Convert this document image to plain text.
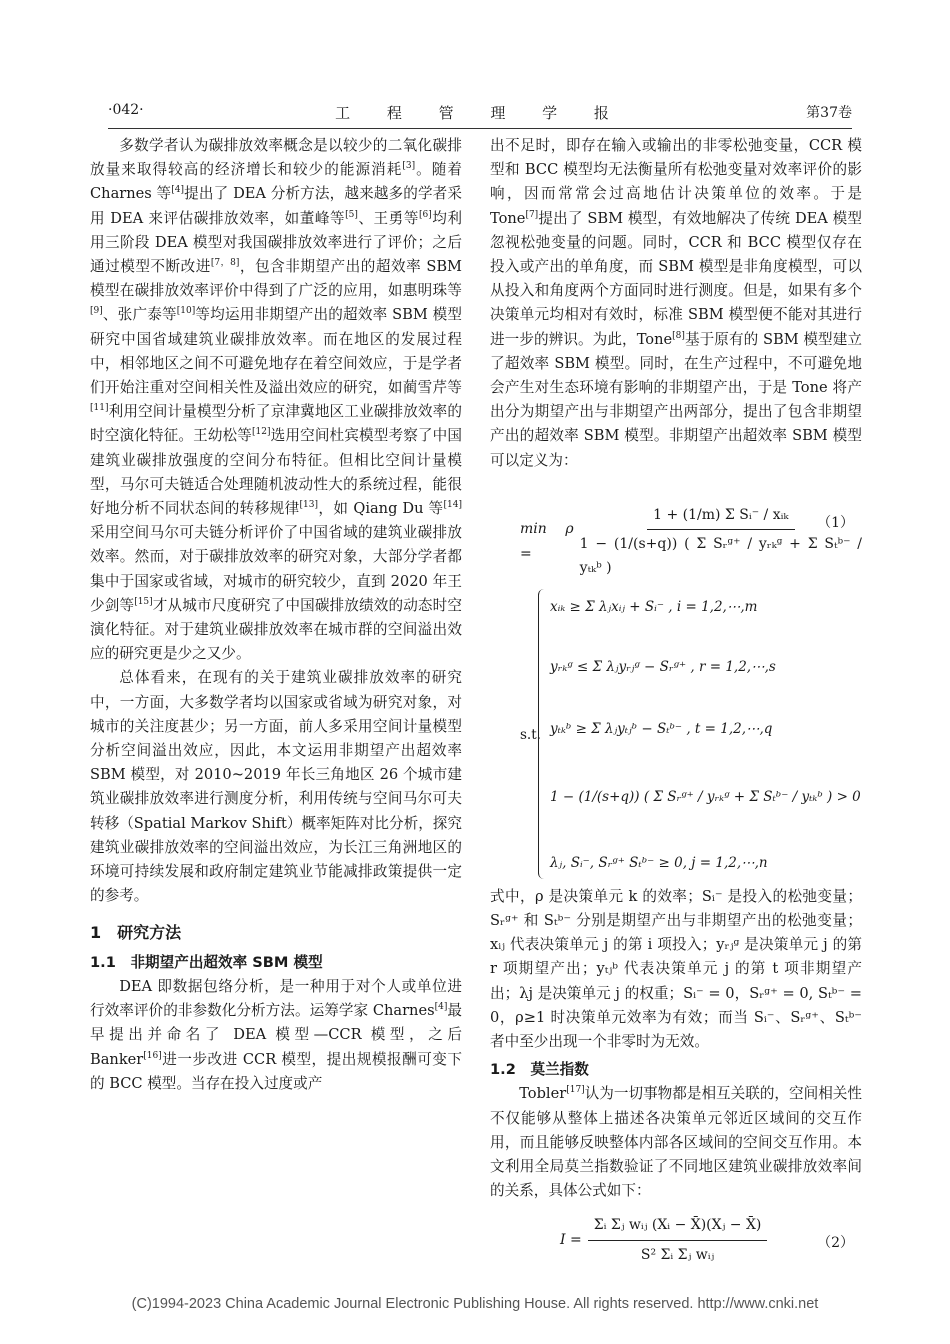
·042·	工 程 管 理 学 报	第37卷

多数学者认为碳排放效率概念是以较少的二氧化碳排放量来取得较高的经济增长和较少的能源消耗[3]。随着 Charnes 等[4]提出了 DEA 分析方法，越来越多的学者采用 DEA 来评估碳排放效率，如董峰等[5]、王勇等[6]均利用三阶段 DEA 模型对我国碳排放效率进行了评价；之后通过模型不断改进[7，8]，包含非期望产出的超效率 SBM 模型在碳排放效率评价中得到了广泛的应用，如惠明珠等[9]、张广泰等[10]等均运用非期望产出的超效率 SBM 模型研究中国省域建筑业碳排放效率。而在地区的发展过程中，相邻地区之间不可避免地存在着空间效应，于是学者们开始注重对空间相关性及溢出效应的研究，如蔺雪芹等[11]利用空间计量模型分析了京津冀地区工业碳排放效率的时空演化特征。王幼松等[12]选用空间杜宾模型考察了中国建筑业碳排放强度的空间分布特征。但相比空间计量模型，马尔可夫链适合处理随机波动性大的系统过程，能很好地分析不同状态间的转移规律[13]，如 Qiang Du 等[14]采用空间马尔可夫链分析评价了中国省域的建筑业碳排放效率。然而，对于碳排放效率的研究对象，大部分学者都集中于国家或省域，对城市的研究较少，直到 2020 年王少剑等[15]才从城市尺度研究了中国碳排放绩效的动态时空演化特征。对于建筑业碳排放效率在城市群的空间溢出效应的研究更是少之又少。

总体看来，在现有的关于建筑业碳排放效率的研究中，一方面，大多数学者均以国家或省域为研究对象，对城市的关注度甚少；另一方面，前人多采用空间计量模型分析空间溢出效应，因此，本文运用非期望产出超效率 SBM 模型，对 2010~2019 年长三角地区 26 个城市建筑业碳排放效率进行测度分析，利用传统与空间马尔可夫转移（Spatial Markov Shift）概率矩阵对比分析，探究建筑业碳排放效率的空间溢出效应，为长江三角洲地区的环境可持续发展和政府制定建筑业节能减排政策提供一定的参考。

1　研究方法
1.1　非期望产出超效率 SBM 模型

DEA 即数据包络分析，是一种用于对个人或单位进行效率评价的非参数化分析方法。运筹学家 Charnes[4]最早提出并命名了 DEA 模型—CCR 模型，之后 Banker[16]进一步改进 CCR 模型，提出规模报酬可变下的 BCC 模型。当存在投入过度或产

出不足时，即存在输入或输出的非零松弛变量，CCR 模型和 BCC 模型均无法衡量所有松弛变量对效率评价的影响，因而常常会过高地估计决策单位的效率。于是 Tone[7]提出了 SBM 模型，有效地解决了传统 DEA 模型忽视松弛变量的问题。同时，CCR 和 BCC 模型仅存在投入或产出的单角度，而 SBM 模型是非角度模型，可以从投入和角度两个方面同时进行测度。但是，如果有多个决策单元均相对有效时，标准 SBM 模型便不能对其进行进一步的辨识。为此，Tone[8]基于原有的 SBM 模型建立了超效率 SBM 模型。同时，在生产过程中，不可避免地会产生对生态环境有影响的非期望产出，于是 Tone 将产出分为期望产出与非期望产出两部分，提出了包含非期望产出的超效率 SBM 模型。非期望产出超效率 SBM 模型可以定义为：

min ρ =	$\frac{\text{1 + (1/m) Σ Sᵢ⁻ / xᵢₖ}}{\text{1 − (1/(s+q)) ( Σ Sᵣᵍ⁺ / yᵣₖᵍ + Σ Sₜᵇ⁻ / yₜₖᵇ )}}$
（1）
s.t.
xᵢₖ ≥ Σ λⱼxᵢⱼ + Sᵢ⁻ , i = 1,2,⋯,m
yᵣₖᵍ ≤ Σ λⱼyᵣⱼᵍ − Sᵣᵍ⁺ , r = 1,2,⋯,s
yₜₖᵇ ≥ Σ λⱼyₜⱼᵇ − Sₜᵇ⁻ , t = 1,2,⋯,q
1 − (1/(s+q)) ( Σ Sᵣᵍ⁺ / yᵣₖᵍ + Σ Sₜᵇ⁻ / yₜₖᵇ ) > 0
λⱼ, Sᵢ⁻, Sᵣᵍ⁺ Sₜᵇ⁻ ≥ 0, j = 1,2,⋯,n

式中，ρ 是决策单元 k 的效率；Sᵢ⁻ 是投入的松弛变量；Sᵣᵍ⁺ 和 Sₜᵇ⁻ 分别是期望产出与非期望产出的松弛变量；xᵢⱼ 代表决策单元 j 的第 i 项投入；yᵣⱼᵍ 是决策单元 j 的第 r 项期望产出；yₜⱼᵇ 代表决策单元 j 的第 t 项非期望产出；λj 是决策单元 j 的权重；Sᵢ⁻ = 0，Sᵣᵍ⁺ = 0, Sₜᵇ⁻ = 0，ρ≥1 时决策单元效率为有效；而当 Sᵢ⁻、Sᵣᵍ⁺、Sₜᵇ⁻ 者中至少出现一个非零时为无效。

1.2　莫兰指数

Tobler[17]认为一切事物都是相互关联的，空间相关性不仅能够从整体上描述各决策单元邻近区域间的交互作用，而且能够反映整体内部各区域间的空间交互作用。本文利用全局莫兰指数验证了不同地区建筑业碳排放效率间的关系，具体公式如下：

$I = \frac{\text{Σᵢ Σⱼ wᵢⱼ (Xᵢ − X̄)(Xⱼ − X̄)}}{\text{S² Σᵢ Σⱼ wᵢⱼ}}$	（2）
(C)1994-2023 China Academic Journal Electronic Publishing House. All rights reserved. http://www.cnki.net
